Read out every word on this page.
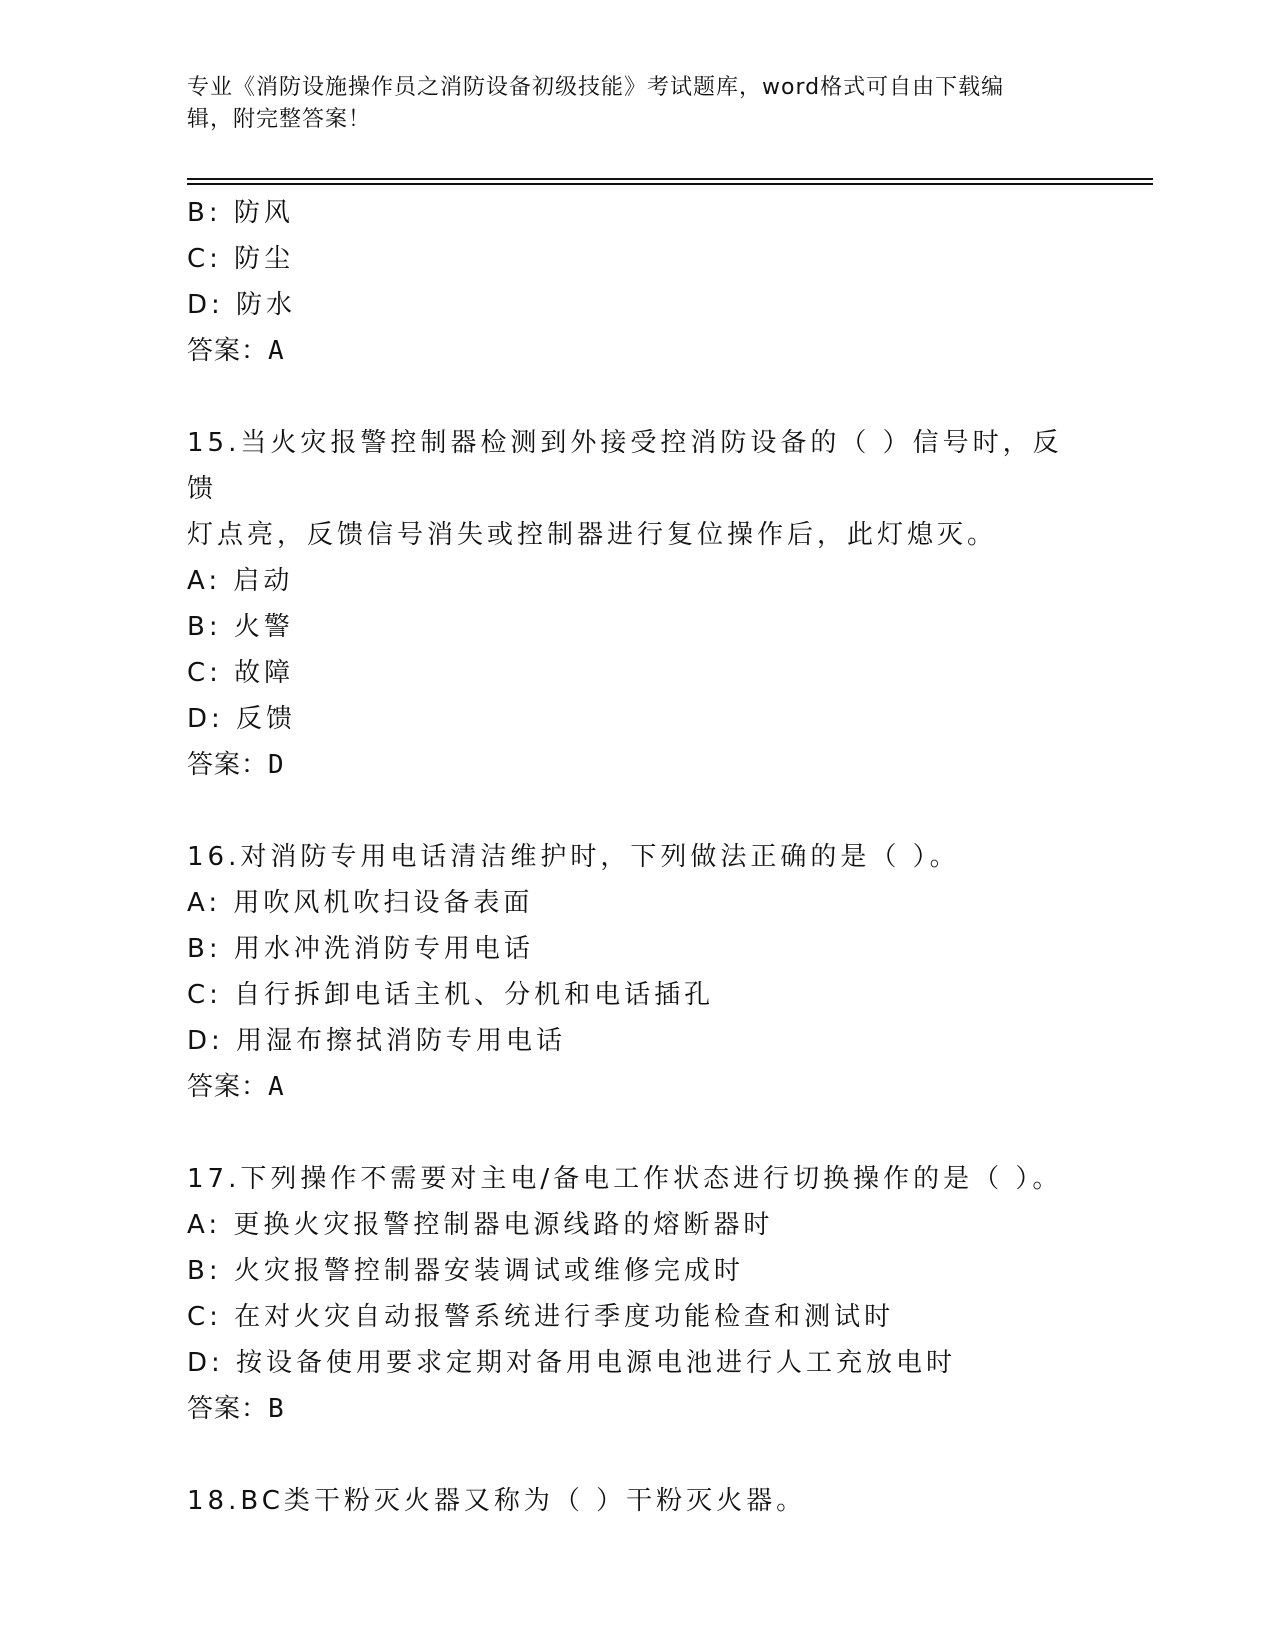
专业《消防设施操作员之消防设备初级技能》考试题库，word格式可自由下载编
辑，附完整答案！
B: 防风
C: 防尘
D: 防水
答案：A
15.当火灾报警控制器检测到外接受控消防设备的（ ）信号时，反馈
灯点亮，反馈信号消失或控制器进行复位操作后，此灯熄灭。
A: 启动
B: 火警
C: 故障
D: 反馈
答案：D
16.对消防专用电话清洁维护时，下列做法正确的是（ ）。
A: 用吹风机吹扫设备表面
B: 用水冲洗消防专用电话
C: 自行拆卸电话主机、分机和电话插孔
D: 用湿布擦拭消防专用电话
答案：A
17.下列操作不需要对主电/备电工作状态进行切换操作的是（ ）。
A: 更换火灾报警控制器电源线路的熔断器时
B: 火灾报警控制器安装调试或维修完成时
C: 在对火灾自动报警系统进行季度功能检查和测试时
D: 按设备使用要求定期对备用电源电池进行人工充放电时
答案：B
18.BC类干粉灭火器又称为（ ）干粉灭火器。
